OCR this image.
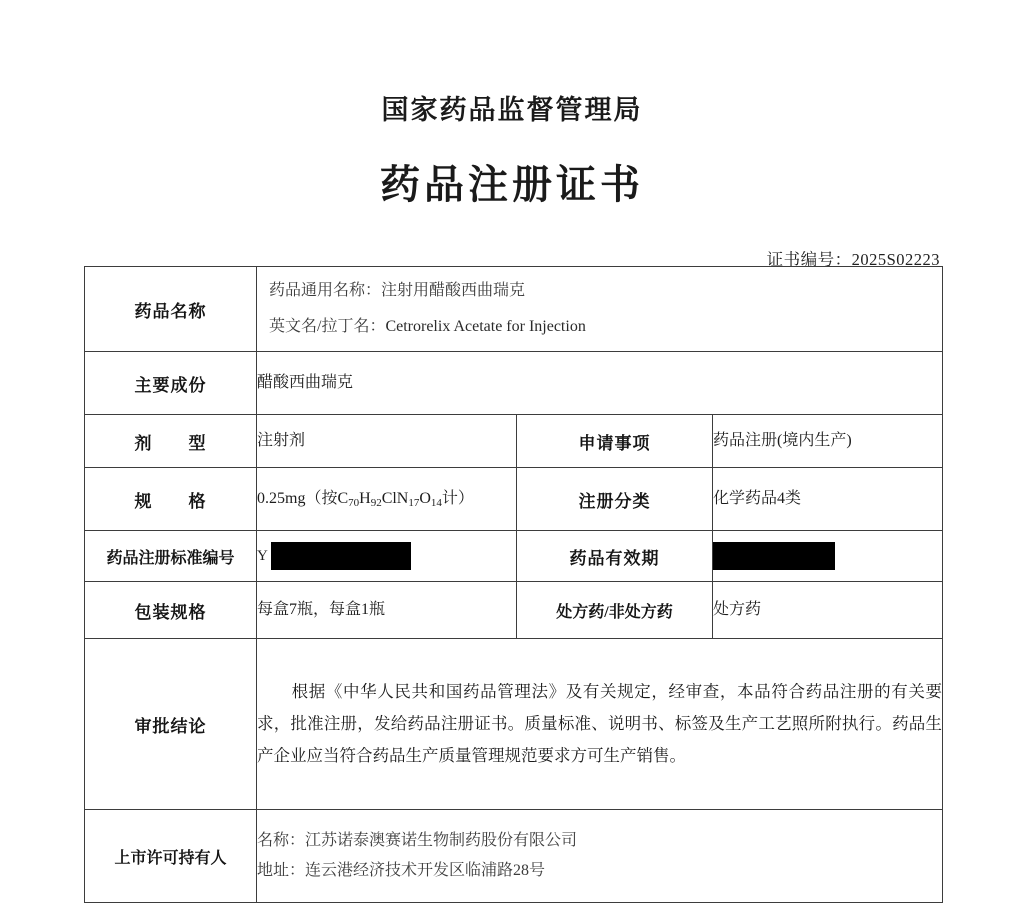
国家药品监督管理局
药品注册证书
证书编号：2025S02223
药品名称	药品通用名称：注射用醋酸西曲瑞克
英文名/拉丁名：Cetrorelix Acetate for Injection		

主要成份	醋酸西曲瑞克		
剂　　型	注射剂	申请事项	药品注册(境内生产)
规　　格	0.25mg（按$C_{70}H_{92}ClN_{17}O_{14}$计）	注册分类	化学药品4类
药品注册标准编号	Y	药品有效期	
包装规格	每盒7瓶，每盒1瓶	处方药/非处方药	处方药
审批结论	根据《中华人民共和国药品管理法》及有关规定，经审查，本品符合药品注册的有关要求，批准注册，发给药品注册证书。质量标准、说明书、标签及生产工艺照所附执行。药品生产企业应当符合药品生产质量管理规范要求方可生产销售。		

上市许可持有人	名称：江苏诺泰澳赛诺生物制药股份有限公司
地址：连云港经济技术开发区临浦路28号		
